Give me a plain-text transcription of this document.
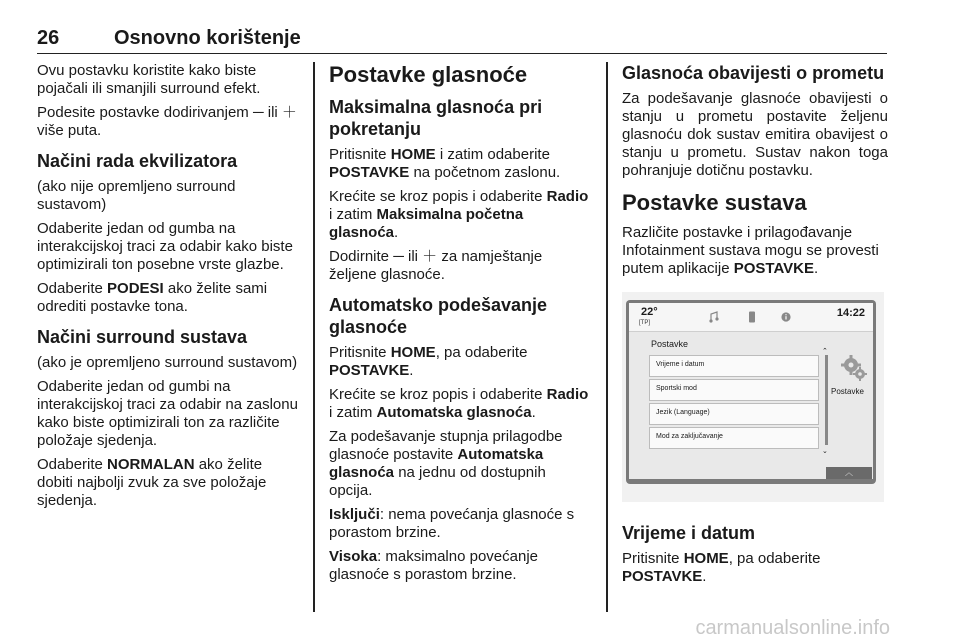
26	Osnovno korištenje

Ovu postavku koristite kako biste pojačali ili smanjili surround efekt.

Podesite postavke dodirivanjem ─ ili ＋ više puta.

Načini rada ekvilizatora

(ako nije opremljeno surround sustavom)

Odaberite jedan od gumba na interakcijskoj traci za odabir kako biste optimizirali ton posebne vrste glazbe.

Odaberite PODESI ako želite sami odrediti postavke tona.

Načini surround sustava

(ako je opremljeno surround sustavom)

Odaberite jedan od gumbi na interakcijskoj traci za odabir na zaslonu kako biste optimizirali ton za različite položaje sjedenja.

Odaberite NORMALAN ako želite dobiti najbolji zvuk za sve položaje sjedenja.

Postavke glasnoće
Maksimalna glasnoća pri pokretanju

Pritisnite HOME i zatim odaberite POSTAVKE na početnom zaslonu.

Krećite se kroz popis i odaberite Radio i zatim Maksimalna početna glasnoća.

Dodirnite ─ ili ＋ za namještanje željene glasnoće.

Automatsko podešavanje glasnoće

Pritisnite HOME, pa odaberite POSTAVKE.

Krećite se kroz popis i odaberite Radio i zatim Automatska glasnoća.

Za podešavanje stupnja prilagodbe glasnoće postavite Automatska glasnoća na jednu od dostupnih opcija.

Isključi: nema povećanja glasnoće s porastom brzine.

Visoka: maksimalno povećanje glasnoće s porastom brzine.

Glasnoća obavijesti o prometu

Za podešavanje glasnoće obavijesti o stanju u prometu postavite željenu glasnoću dok sustav emitira obavijest o stanju u prometu. Sustav nakon toga pohranjuje dotičnu postavku.

Postavke sustava

Različite postavke i prilagođavanje Infotainment sustava mogu se provesti putem aplikacije POSTAVKE.

22°
[TP]
14:22
Postavke
Vrijeme i datum
Sportski mod
Jezik (Language)
Mod za zaključavanje
⌃
⌄
Postavke
︿
Vrijeme i datum

Pritisnite HOME, pa odaberite
POSTAVKE.

carmanualsonline.info
